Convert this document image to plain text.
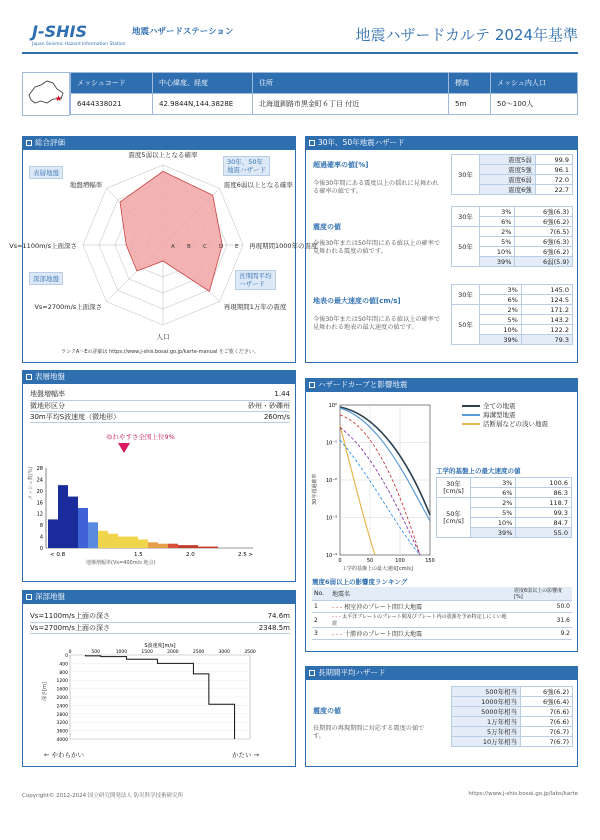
J-SHIS
Japan Seismic Hazard Information Station
地震ハザードステーション	地震ハザードカルテ 2024年基準
★
メッシュコード	中心緯度、経度	住所	標高	メッシュ内人口
6444338021	42.9844N,144.3828E	北海道釧路市黒金町６丁目 付近	5m	50～100人
総合評価
表層地盤
30年、50年
地震ハザード
深部地盤	長期間平均
ハザード
A B C D E
震度5弱以上となる確率
震度6弱以上となる確率
再現期間1000年の震度
再現期間1万年の震度
人口
Vs=2700m/s上面深さ
Vs=1100m/s上面深さ
地盤増幅率
ランクA～Eの詳細は https://www.j-shis.bosai.go.jp/karte-manual をご覧ください。
30年、50年地震ハザード
超過確率の値[%]
今後30年間にある震度以上の揺れに見舞われる確率の値です。
30年	震度5弱	99.9
	震度5強	96.1
	震度6弱	72.0
	震度6強	22.7
震度の値
今後30年または50年間にある値以上の確率で見舞われる震度の値です。
30年	3%	6強(6.3)
	6%	6強(6.2)
50年	2%	7(6.5)
	5%	6強(6.3)
	10%	6強(6.2)
	39%	6弱(5.9)
地表の最大速度の値[cm/s]
今後30年または50年間にある値以上の確率で見舞われる地表の最大速度の値です。
30年	3%	145.0
	6%	124.5
50年	2%	171.2
	5%	143.2
	10%	122.2
	39%	79.3
表層地盤
地盤増幅率	1.44
微地形区分	砂州・砂礫州
30m平均S波速度（微地形）	260m/s
ゆれやすさ全国上位9%
28
24
20
16
12
8
4
0
< 0.8	1.5	2.0	2.5 >
地盤増幅率(Vs=400m/s 地点)
メッシュ数(%)
ハザードカーブと影響地震
10⁰
10⁻¹
10⁻²
10⁻³
10⁻⁴
0	50	100	150
工学的基盤上の最大速度[cm/s]
30年超過確率
全ての地震
海溝型地震
活断層などの浅い地震
工学的基盤上の最大速度の値
30年
[cm/s]	3%	100.6
	6%	86.3
50年
[cm/s]	2%	118.7
	5%	99.3
	10%	84.7
	39%	55.0
震度6弱以上の影響度ランキング
No.	地震名	震度6弱以上の影響度[%]
1	- - - 根室沖のプレート間巨大地震	50.0
2	- - - 太平洋プレートのプレート間及びプレート内の震源を予め特定しにくい地震	31.6
3	- - - 十勝沖のプレート間巨大地震	9.2
深部地盤
Vs=1100m/s上面の深さ	74.6m
Vs=2700m/s上面の深さ	2348.5m
S波速度[m/s]
0	500	1000	1500	2000	2500	3000	3500
0
400
800
1200
1600
2000
2400
2800
3200
3600
4000
深さ[m]
← やわらかい	かたい →
長期間平均ハザード
震度の値
長期間の再現期間に対応する震度の値です。
500年相当	6強(6.2)
1000年相当	6強(6.4)
5000年相当	7(6.6)
1万年相当	7(6.6)
5万年相当	7(6.7)
10万年相当	7(6.7)
Copyright© 2012-2024 国立研究開発法人 防災科学技術研究所	https://www.j-shis.bosai.go.jp/labs/karte
